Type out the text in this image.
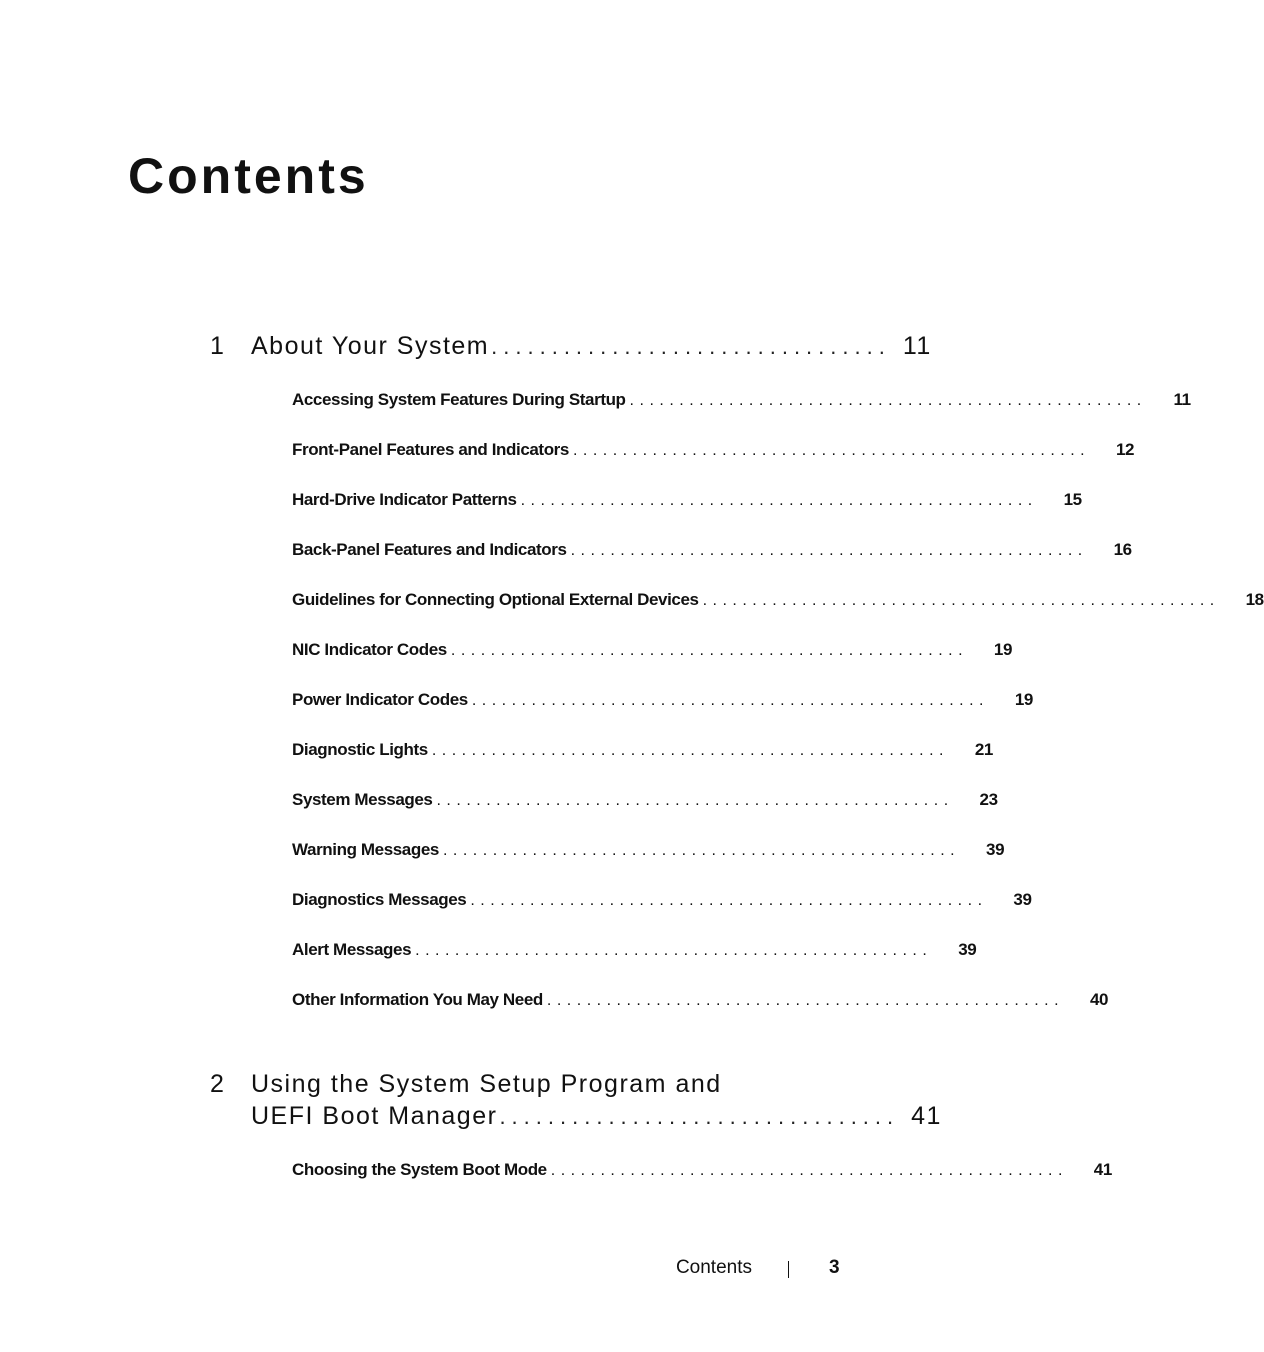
Contents
1 About Your System ................................. 11
Accessing System Features During Startup ....................................................	11
Front-Panel Features and Indicators ....................................................	12
Hard-Drive Indicator Patterns ....................................................	15
Back-Panel Features and Indicators ....................................................	16
Guidelines for Connecting Optional External Devices ....................................................	18
NIC Indicator Codes ....................................................	19
Power Indicator Codes ....................................................	19
Diagnostic Lights ....................................................	21
System Messages ....................................................	23
Warning Messages ....................................................	39
Diagnostics Messages ....................................................	39
Alert Messages ....................................................	39
Other Information You May Need ....................................................	40
2 Using the System Setup Program and
UEFI Boot Manager ................................. 41
Choosing the System Boot Mode ....................................................	41
Contents	3
